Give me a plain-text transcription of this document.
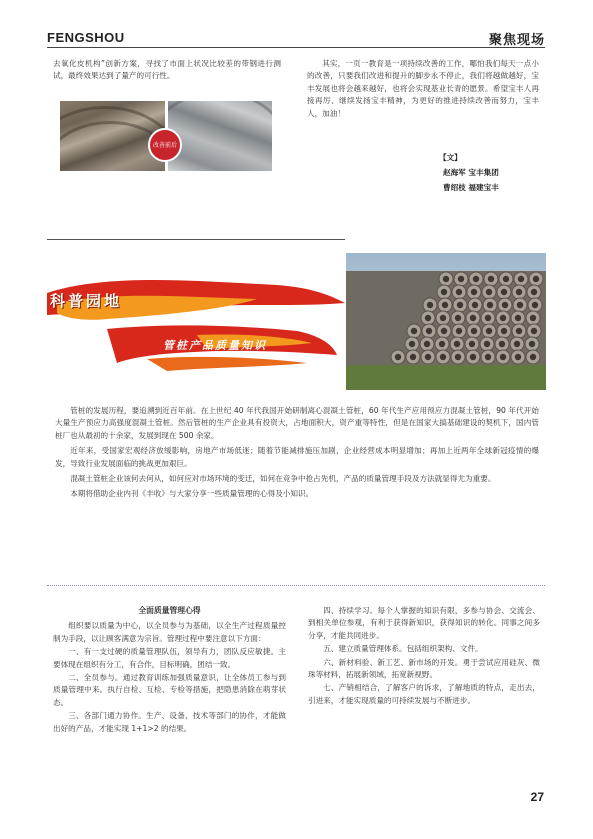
FENGSHOU	聚焦现场

去氧化皮机构”创新方案，寻找了市面上状况比较差的带钢进行测试，最终效果达到了量产的可行性。

改善前后

其实，一页一教育是一项持续改善的工作，哪怕我们每天一点小的改善，只要我们改进和提升的脚步永不停止，我们将越做越好，宝丰发展也将会越来越好，也将会实现基业长青的愿景。希望宝丰人再接再厉、继续发扬宝丰精神，为更好的推进持续改善而努力，宝丰人，加油！

【文】
赵海军 宝丰集团
曹绍枝 福建宝丰
科普园地
管桩产品质量知识

管桩的发展历程，要追溯到近百年前。在上世纪 40 年代我国开始研制离心混凝土管桩，60 年代生产应用预应力混凝土管桩，90 年代开始大量生产预应力高强度混凝土管桩。然后管桩的生产企业具有投资大，占地面积大，资产重等特性，但是在国家大搞基础建设的契机下，国内管桩厂也从最初的十余家，发展到现在 500 余家。

近年来，受国家宏观经济放缓影响，房地产市场低迷；随着节能减排施压加剧，企业经营成本明显增加；再加上近两年全球新冠疫情的爆发，导致行业发展面临的挑战更加艰巨。

混凝土管桩企业该何去何从，如何应对市场环境的变迁，如何在竞争中抢占先机，产品的质量管理手段及方法就显得尤为重要。

本期将借助企业内刊《丰收》与大家分享一些质量管理的心得及小知识。

全面质量管理心得

组织要以质量为中心，以全员参与为基础，以全生产过程质量控制为手段，以让顾客满意为宗旨。管理过程中要注意以下方面：

一、有一支过硬的质量管理队伍，领导有力，团队反应敏捷。主要体现在组织有分工，有合作，目标明确，团结一致。

二、全员参与。通过教育训练加强质量意识，让全体员工参与到质量管理中来。执行自检、互检、专检等措施，把隐患消除在萌芽状态。

三、各部门通力协作。生产、设备、技术等部门的协作，才能做出好的产品，才能实现 1+1>2 的结果。

四、持续学习。每个人掌握的知识有限，多参与协会、交流会、到相关单位参观，有利于获得新知识，获得知识的转化。同事之间多分享，才能共同进步。

五、建立质量管理体系。包括组织架构、文件。

六、新材料验、新工艺、新市场的开发。勇于尝试应用硅灰、微珠等材料，拓展新领域，拓宽新视野。

七、产销相结合，了解客户的诉求，了解地质的特点，走出去，引进来，才能实现质量的可持续发展与不断进步。

27
